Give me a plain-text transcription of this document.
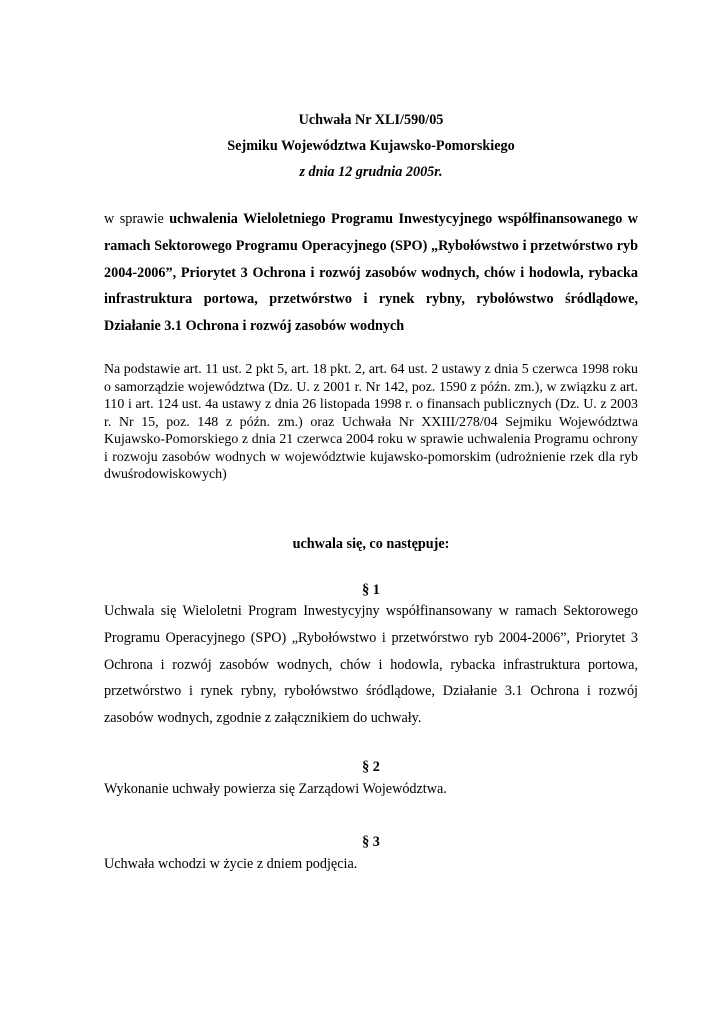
Uchwała Nr XLI/590/05
Sejmiku Województwa Kujawsko-Pomorskiego
z dnia 12 grudnia 2005r.
w sprawie uchwalenia Wieloletniego Programu Inwestycyjnego współfinansowanego w ramach Sektorowego Programu Operacyjnego (SPO) „Rybołówstwo i przetwórstwo ryb 2004-2006”, Priorytet 3 Ochrona i rozwój zasobów wodnych, chów i hodowla, rybacka infrastruktura portowa, przetwórstwo i rynek rybny, rybołówstwo śródlądowe, Działanie 3.1 Ochrona i rozwój zasobów wodnych
Na podstawie art. 11 ust. 2 pkt 5, art. 18 pkt. 2, art. 64 ust. 2 ustawy z dnia 5 czerwca 1998 roku o samorządzie województwa (Dz. U. z 2001 r. Nr 142, poz. 1590 z późn. zm.), w związku z art. 110 i art. 124 ust. 4a ustawy z dnia 26 listopada 1998 r. o finansach publicznych (Dz. U. z 2003 r. Nr 15, poz. 148 z późn. zm.) oraz Uchwała Nr XXIII/278/04 Sejmiku Województwa Kujawsko-Pomorskiego z dnia 21 czerwca 2004 roku w sprawie uchwalenia Programu ochrony i rozwoju zasobów wodnych w województwie kujawsko-pomorskim (udrożnienie rzek dla ryb dwuśrodowiskowych)
uchwala się, co następuje:
§ 1
Uchwala się Wieloletni Program Inwestycyjny współfinansowany w ramach Sektorowego Programu Operacyjnego (SPO) „Rybołówstwo i przetwórstwo ryb 2004-2006”, Priorytet 3 Ochrona i rozwój zasobów wodnych, chów i hodowla, rybacka infrastruktura portowa, przetwórstwo i rynek rybny, rybołówstwo śródlądowe, Działanie 3.1 Ochrona i rozwój zasobów wodnych, zgodnie z załącznikiem do uchwały.
§ 2
Wykonanie uchwały powierza się Zarządowi Województwa.
§ 3
Uchwała wchodzi w życie z dniem podjęcia.
